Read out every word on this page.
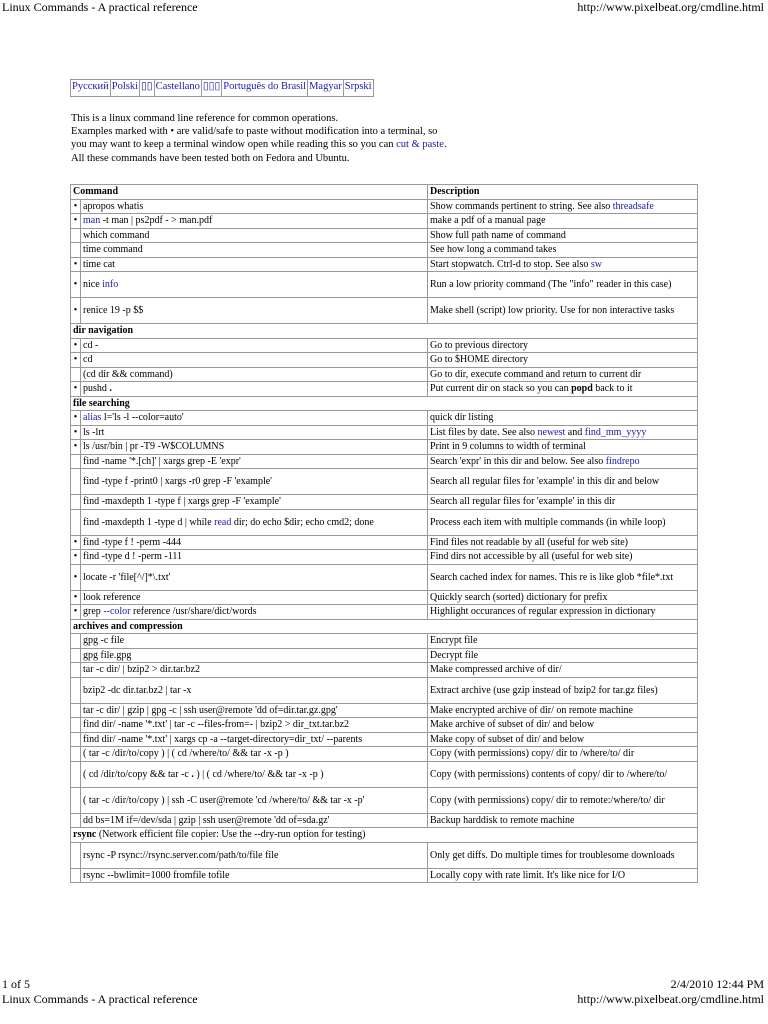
Linux Commands - A practical reference	http://www.pixelbeat.org/cmdline.html
Русский Polski ▯▯ Castellano ▯▯▯ Português do Brasil Magyar Srpski

This is a linux command line reference for common operations.

Examples marked with • are valid/safe to paste without modification into a terminal, so

you may want to keep a terminal window open while reading this so you can cut & paste.

All these commands have been tested both on Fedora and Ubuntu.

Command		Description
•	apropos whatis	Show commands pertinent to string. See also threadsafe
•	man -t man | ps2pdf - > man.pdf	make a pdf of a manual page
	which command	Show full path name of command
	time command	See how long a command takes
•	time cat	Start stopwatch. Ctrl-d to stop. See also sw
•	nice info	Run a low priority command (The "info" reader in this case)
•	renice 19 -p $$	Make shell (script) low priority. Use for non interactive tasks
dir navigation		
•	cd -	Go to previous directory
•	cd	Go to $HOME directory
	(cd dir && command)	Go to dir, execute command and return to current dir
•	pushd .	Put current dir on stack so you can popd back to it
file searching		
•	alias l='ls -l --color=auto'	quick dir listing
•	ls -lrt	List files by date. See also newest and find_mm_yyyy
•	ls /usr/bin | pr -T9 -W$COLUMNS	Print in 9 columns to width of terminal
	find -name '*.[ch]' | xargs grep -E 'expr'	Search 'expr' in this dir and below. See also findrepo
	find -type f -print0 | xargs -r0 grep -F 'example'	Search all regular files for 'example' in this dir and below
	find -maxdepth 1 -type f | xargs grep -F 'example'	Search all regular files for 'example' in this dir
	find -maxdepth 1 -type d | while read dir; do echo $dir; echo cmd2; done	Process each item with multiple commands (in while loop)
•	find -type f ! -perm -444	Find files not readable by all (useful for web site)
•	find -type d ! -perm -111	Find dirs not accessible by all (useful for web site)
•	locate -r 'file[^/]*\.txt'	Search cached index for names. This re is like glob *file*.txt
•	look reference	Quickly search (sorted) dictionary for prefix
•	grep --color reference /usr/share/dict/words	Highlight occurances of regular expression in dictionary
archives and compression		
	gpg -c file	Encrypt file
	gpg file.gpg	Decrypt file
	tar -c dir/ | bzip2 > dir.tar.bz2	Make compressed archive of dir/
	bzip2 -dc dir.tar.bz2 | tar -x	Extract archive (use gzip instead of bzip2 for tar.gz files)
	tar -c dir/ | gzip | gpg -c | ssh user@remote 'dd of=dir.tar.gz.gpg'	Make encrypted archive of dir/ on remote machine
	find dir/ -name '*.txt' | tar -c --files-from=- | bzip2 > dir_txt.tar.bz2	Make archive of subset of dir/ and below
	find dir/ -name '*.txt' | xargs cp -a --target-directory=dir_txt/ --parents	Make copy of subset of dir/ and below
	( tar -c /dir/to/copy ) | ( cd /where/to/ && tar -x -p )	Copy (with permissions) copy/ dir to /where/to/ dir
	( cd /dir/to/copy && tar -c . ) | ( cd /where/to/ && tar -x -p )	Copy (with permissions) contents of copy/ dir to /where/to/
	( tar -c /dir/to/copy ) | ssh -C user@remote 'cd /where/to/ && tar -x -p'	Copy (with permissions) copy/ dir to remote:/where/to/ dir
	dd bs=1M if=/dev/sda | gzip | ssh user@remote 'dd of=sda.gz'	Backup harddisk to remote machine
rsync (Network efficient file copier: Use the --dry-run option for testing)		
	rsync -P rsync://rsync.server.com/path/to/file file	Only get diffs. Do multiple times for troublesome downloads
	rsync --bwlimit=1000 fromfile tofile	Locally copy with rate limit. It's like nice for I/O
1 of 5	2/4/2010 12:44 PM
Linux Commands - A practical reference	http://www.pixelbeat.org/cmdline.html
